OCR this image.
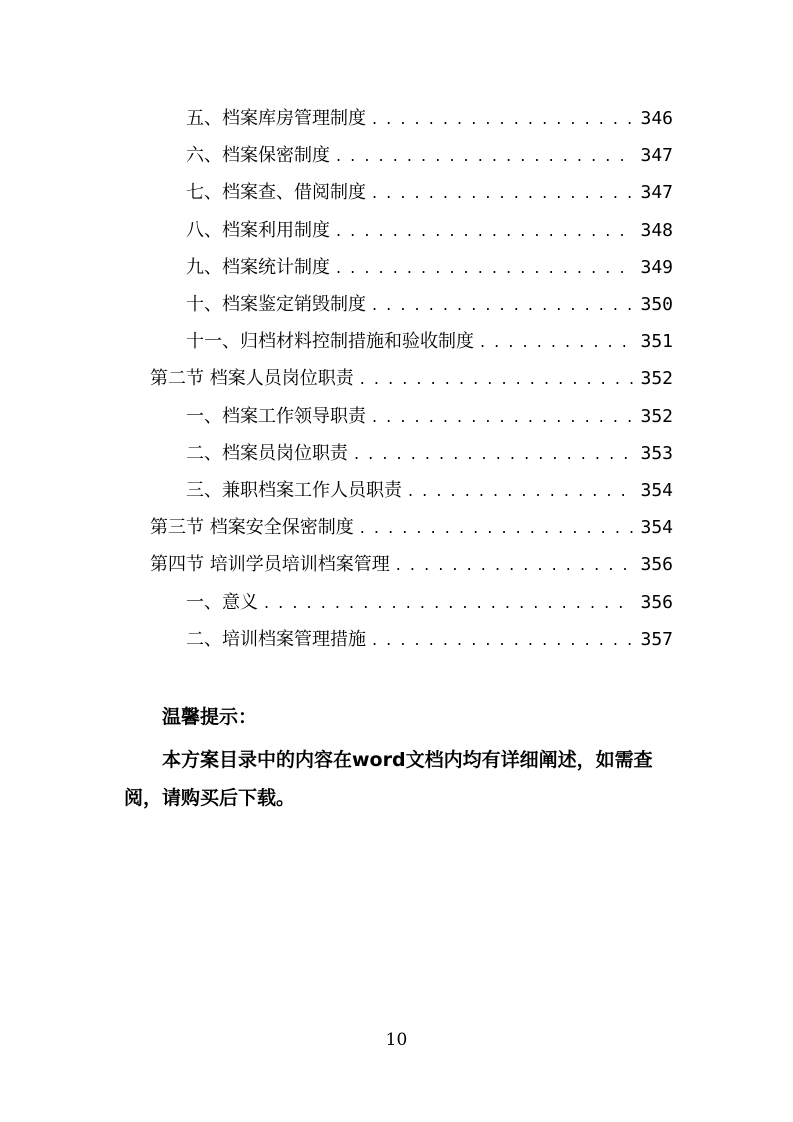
五、档案库房管理制度 . . .	346
六、档案保密制度 . . .	347
七、档案查、借阅制度 . . .	347
八、档案利用制度 . . .	348
九、档案统计制度 . . .	349
十、档案鉴定销毁制度 . . .	350
十一、归档材料控制措施和验收制度 . . .	351
第二节 档案人员岗位职责 . . .	352
一、档案工作领导职责 . . .	352
二、档案员岗位职责 . . .	353
三、兼职档案工作人员职责 . . .	354
第三节 档案安全保密制度 . . .	354
第四节 培训学员培训档案管理 . . .	356
一、意义 . . .	356
二、培训档案管理措施 . . .	357
温馨提示：
本方案目录中的内容在word文档内均有详细阐述，如需查阅，请购买后下载。
10
